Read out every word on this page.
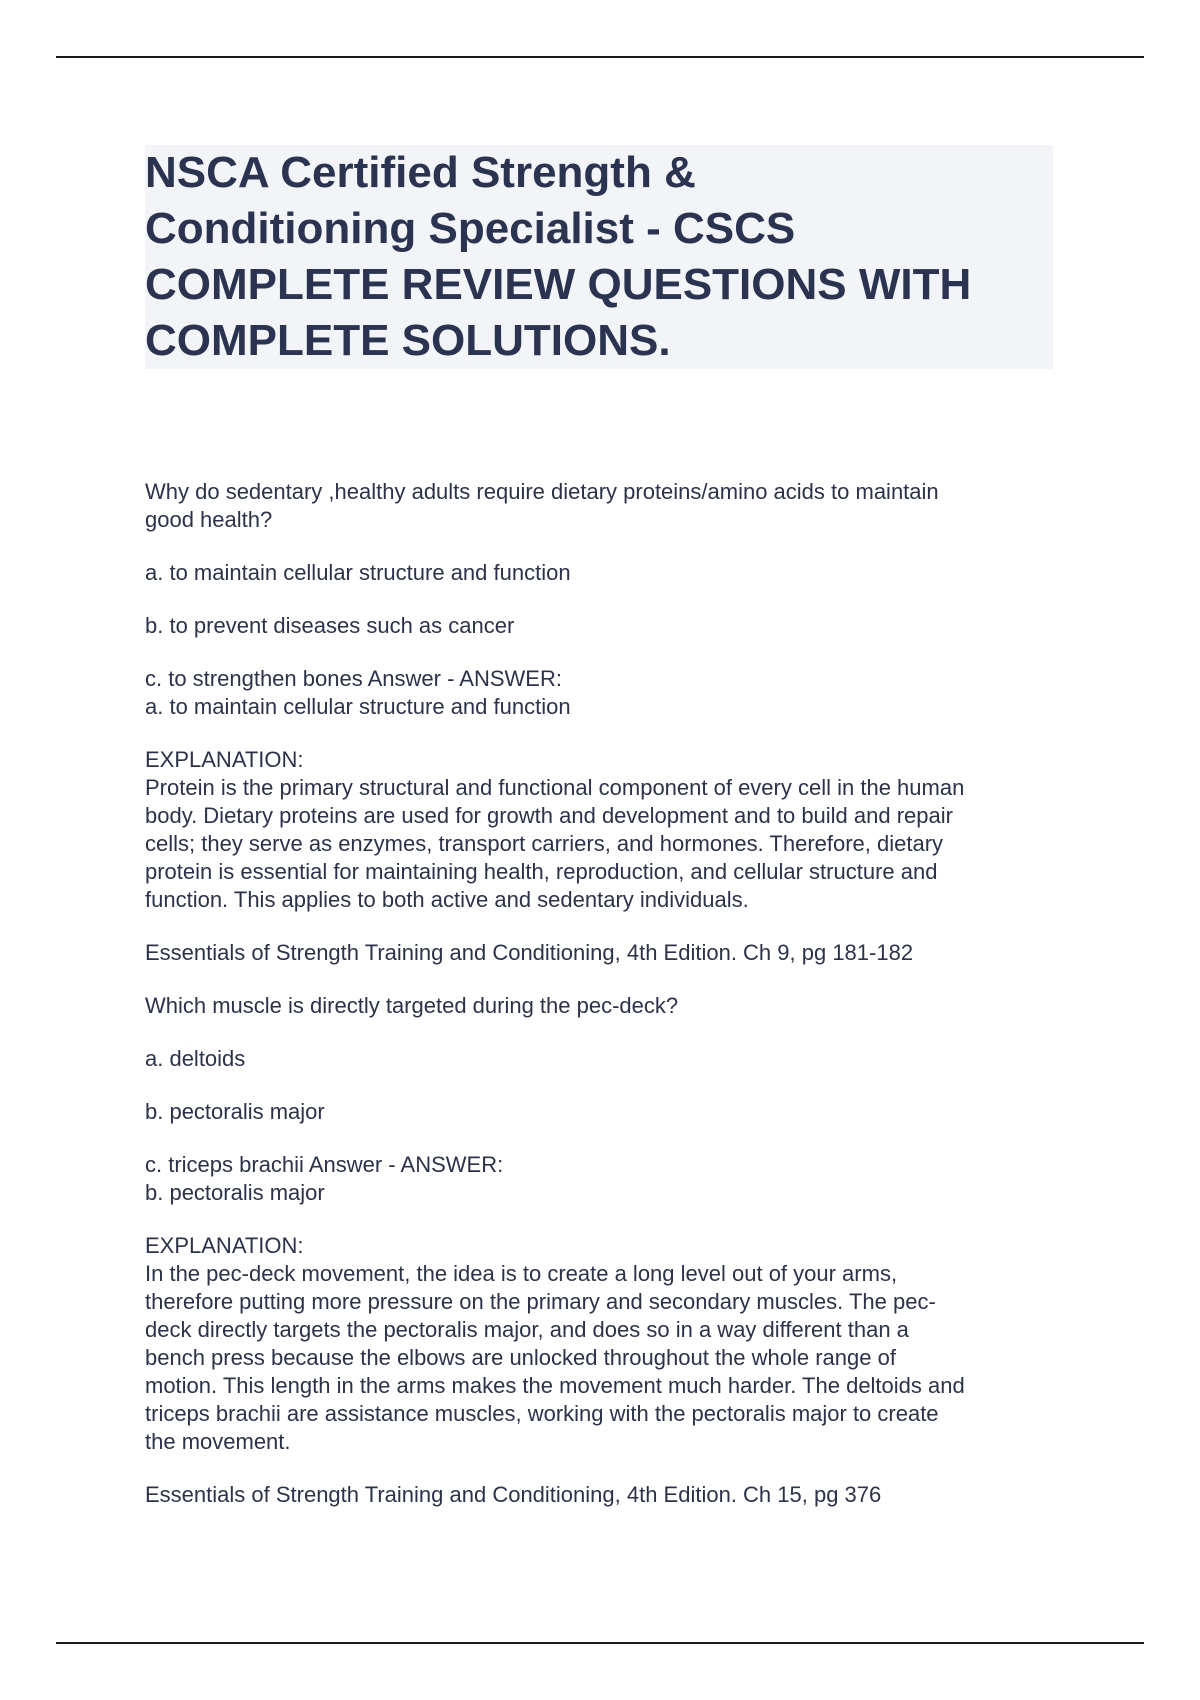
NSCA Certified Strength &
Conditioning Specialist - CSCS
COMPLETE REVIEW QUESTIONS WITH
COMPLETE SOLUTIONS.

Why do sedentary ,healthy adults require dietary proteins/amino acids to maintain
good health?

a. to maintain cellular structure and function

b. to prevent diseases such as cancer

c. to strengthen bones Answer - ANSWER:
a. to maintain cellular structure and function

EXPLANATION:

Protein is the primary structural and functional component of every cell in the human
body. Dietary proteins are used for growth and development and to build and repair
cells; they serve as enzymes, transport carriers, and hormones. Therefore, dietary
protein is essential for maintaining health, reproduction, and cellular structure and
function. This applies to both active and sedentary individuals.

Essentials of Strength Training and Conditioning, 4th Edition. Ch 9, pg 181-182

Which muscle is directly targeted during the pec-deck?

a. deltoids

b. pectoralis major

c. triceps brachii Answer - ANSWER:
b. pectoralis major

EXPLANATION:

In the pec-deck movement, the idea is to create a long level out of your arms,
therefore putting more pressure on the primary and secondary muscles. The pec-
deck directly targets the pectoralis major, and does so in a way different than a
bench press because the elbows are unlocked throughout the whole range of
motion. This length in the arms makes the movement much harder. The deltoids and
triceps brachii are assistance muscles, working with the pectoralis major to create
the movement.

Essentials of Strength Training and Conditioning, 4th Edition. Ch 15, pg 376
